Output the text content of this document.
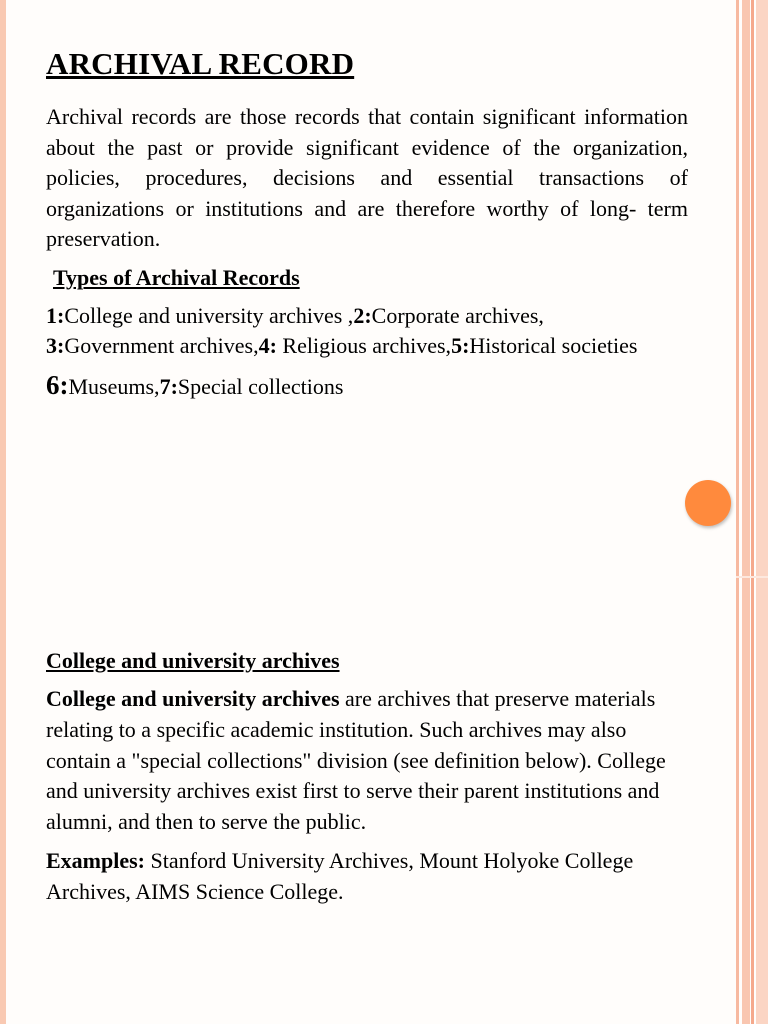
ARCHIVAL RECORD

Archival records are those records that contain significant information about the past or provide significant evidence of the organization, policies, procedures, decisions and essential transactions of organizations or institutions and are therefore worthy of long- term preservation.

Types of Archival Records

1:College and university archives ,2:Corporate archives,
3:Government archives,4: Religious archives,5:Historical societies

6:Museums,7:Special collections

College and university archives

College and university archives are archives that preserve materials relating to a specific academic institution. Such archives may also contain a "special collections" division (see definition below). College and university archives exist first to serve their parent institutions and alumni, and then to serve the public.

Examples: Stanford University Archives, Mount Holyoke College Archives, AIMS Science College.
